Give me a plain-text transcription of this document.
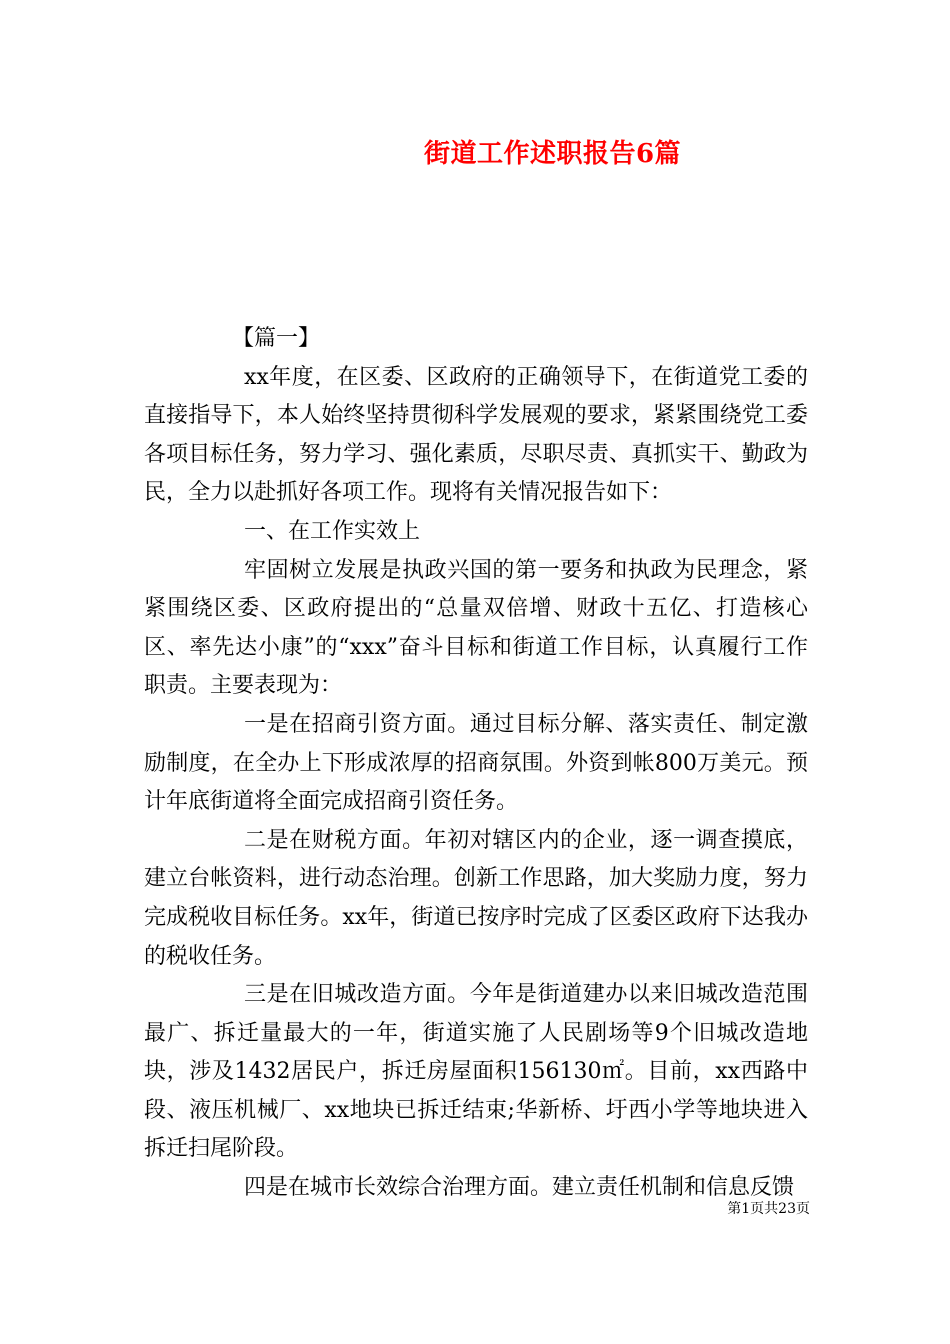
街道工作述职报告6篇

【篇一】

xx年度，在区委、区政府的正确领导下，在街道党工委的直接指导下，本人始终坚持贯彻科学发展观的要求，紧紧围绕党工委各项目标任务，努力学习、强化素质，尽职尽责、真抓实干、勤政为民，全力以赴抓好各项工作。现将有关情况报告如下：

一、在工作实效上

牢固树立发展是执政兴国的第一要务和执政为民理念，紧紧围绕区委、区政府提出的“总量双倍增、财政十五亿、打造核心区、率先达小康”的“xxx”奋斗目标和街道工作目标，认真履行工作职责。主要表现为：

一是在招商引资方面。通过目标分解、落实责任、制定激励制度，在全办上下形成浓厚的招商氛围。外资到帐800万美元。预计年底街道将全面完成招商引资任务。

二是在财税方面。年初对辖区内的企业，逐一调查摸底，建立台帐资料，进行动态治理。创新工作思路，加大奖励力度，努力完成税收目标任务。xx年，街道已按序时完成了区委区政府下达我办的税收任务。

三是在旧城改造方面。今年是街道建办以来旧城改造范围最广、拆迁量最大的一年，街道实施了人民剧场等9个旧城改造地块，涉及1432居民户，拆迁房屋面积156130㎡。目前，xx西路中段、液压机械厂、xx地块已拆迁结束;华新桥、圩西小学等地块进入拆迁扫尾阶段。

四是在城市长效综合治理方面。建立责任机制和信息反馈

第1页共23页
